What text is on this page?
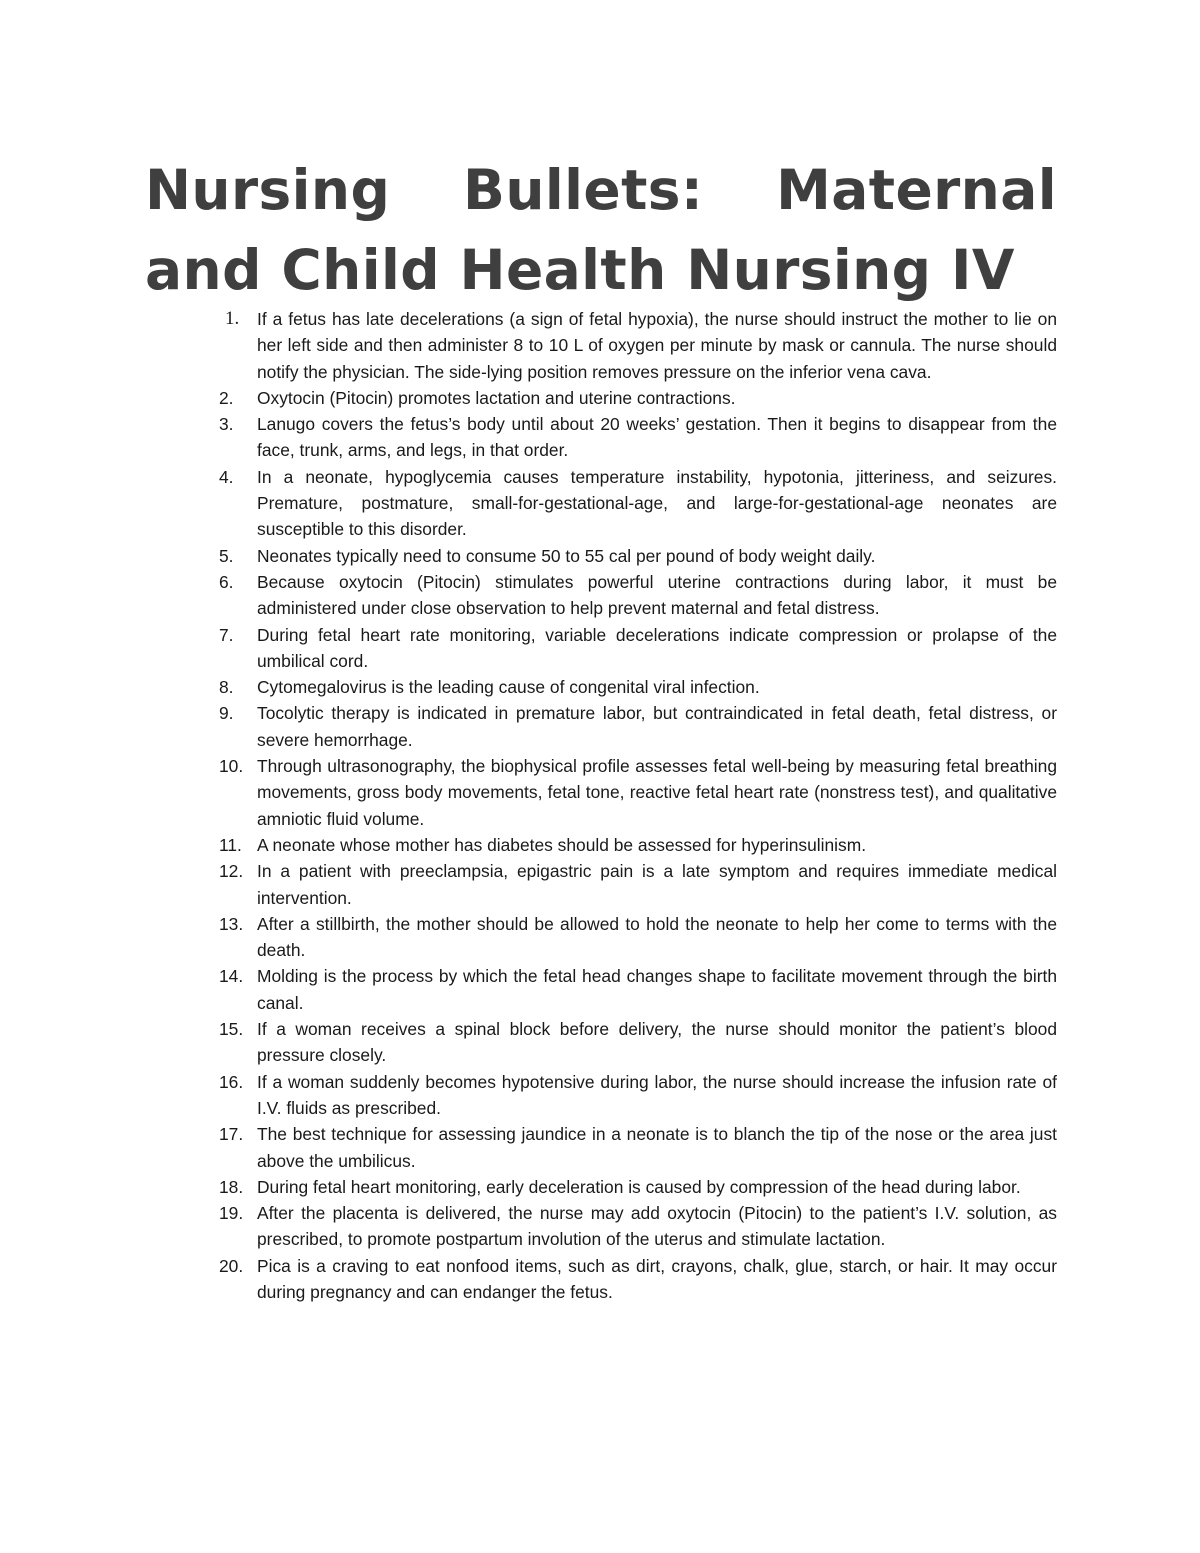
Nursing Bullets: Maternal and Child Health Nursing IV
1.	If a fetus has late decelerations (a sign of fetal hypoxia), the nurse should instruct the mother to lie on her left side and then administer 8 to 10 L of oxygen per minute by mask or cannula. The nurse should notify the physician. The side-lying position removes pressure on the inferior vena cava.
2.	Oxytocin (Pitocin) promotes lactation and uterine contractions.
3.	Lanugo covers the fetus’s body until about 20 weeks’ gestation. Then it begins to disappear from the face, trunk, arms, and legs, in that order.
4.	In a neonate, hypoglycemia causes temperature instability, hypotonia, jitteriness, and seizures. Premature, postmature, small-for-gestational-age, and large-for-gestational-age neonates are susceptible to this disorder.
5.	Neonates typically need to consume 50 to 55 cal per pound of body weight daily.
6.	Because oxytocin (Pitocin) stimulates powerful uterine contractions during labor, it must be administered under close observation to help prevent maternal and fetal distress.
7.	During fetal heart rate monitoring, variable decelerations indicate compression or prolapse of the umbilical cord.
8.	Cytomegalovirus is the leading cause of congenital viral infection.
9.	Tocolytic therapy is indicated in premature labor, but contraindicated in fetal death, fetal distress, or severe hemorrhage.
10. Through ultrasonography, the biophysical profile assesses fetal well-being by measuring fetal breathing movements, gross body movements, fetal tone, reactive fetal heart rate (nonstress test), and qualitative amniotic fluid volume.
11. A neonate whose mother has diabetes should be assessed for hyperinsulinism.
12. In a patient with preeclampsia, epigastric pain is a late symptom and requires immediate medical intervention.
13. After a stillbirth, the mother should be allowed to hold the neonate to help her come to terms with the death.
14. Molding is the process by which the fetal head changes shape to facilitate movement through the birth canal.
15. If a woman receives a spinal block before delivery, the nurse should monitor the patient’s blood pressure closely.
16. If a woman suddenly becomes hypotensive during labor, the nurse should increase the infusion rate of I.V. fluids as prescribed.
17. The best technique for assessing jaundice in a neonate is to blanch the tip of the nose or the area just above the umbilicus.
18. During fetal heart monitoring, early deceleration is caused by compression of the head during labor.
19. After the placenta is delivered, the nurse may add oxytocin (Pitocin) to the patient’s I.V. solution, as prescribed, to promote postpartum involution of the uterus and stimulate lactation.
20. Pica is a craving to eat nonfood items, such as dirt, crayons, chalk, glue, starch, or hair. It may occur during pregnancy and can endanger the fetus.
